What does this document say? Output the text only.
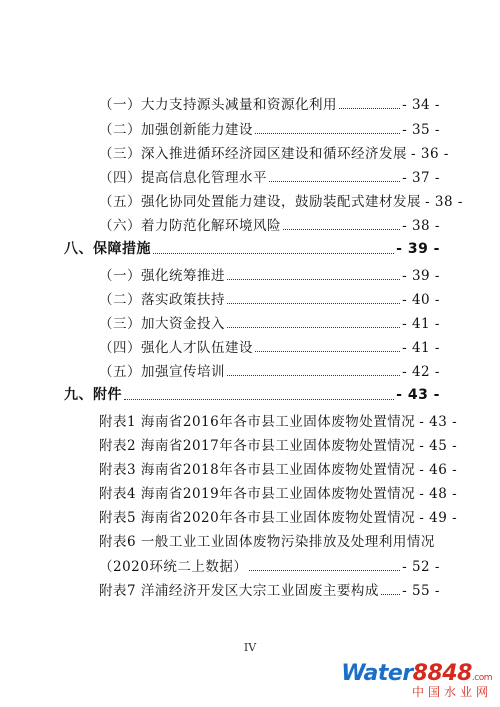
（一）大力支持源头减量和资源化利用	- 34 -
（二）加强创新能力建设	- 35 -
（三）深入推进循环经济园区建设和循环经济发展 - 36 -
（四）提高信息化管理水平	- 37 -
（五）强化协同处置能力建设，鼓励装配式建材发展 - 38 -
（六）着力防范化解环境风险	- 38 -
八、保障措施	- 39 -
（一）强化统筹推进	- 39 -
（二）落实政策扶持	- 40 -
（三）加大资金投入	- 41 -
（四）强化人才队伍建设	- 41 -
（五）加强宣传培训	- 42 -
九、附件	- 43 -
附表1 海南省2016年各市县工业固体废物处置情况 - 43 -
附表2 海南省2017年各市县工业固体废物处置情况 - 45 -
附表3 海南省2018年各市县工业固体废物处置情况 - 46 -
附表4 海南省2019年各市县工业固体废物处置情况 - 48 -
附表5 海南省2020年各市县工业固体废物处置情况 - 49 -
附表6 一般工业工业固体废物污染排放及处理利用情况
（2020环统二上数据）	- 52 -
附表7 洋浦经济开发区大宗工业固废主要构成 - 55 -
IV
Water8848.com
中国水业网
